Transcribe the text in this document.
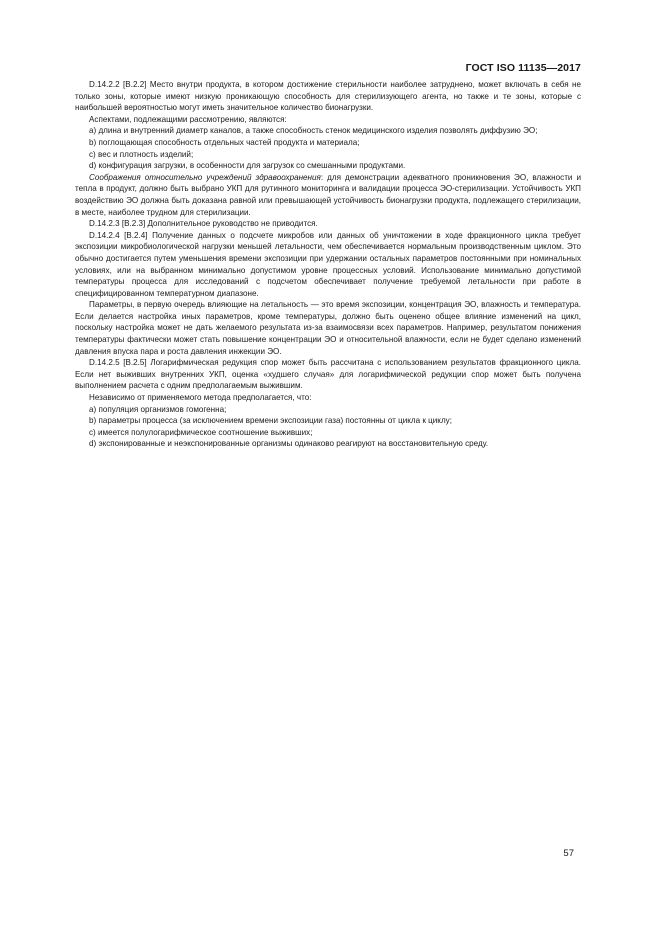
ГОСТ ISO 11135—2017

D.14.2.2 [B.2.2] Место внутри продукта, в котором достижение стерильности наиболее затруднено, может включать в себя не только зоны, которые имеют низкую проникающую способность для стерилизующего агента, но также и те зоны, которые с наибольшей вероятностью могут иметь значительное количество бионагрузки.

Аспектами, подлежащими рассмотрению, являются:

a) длина и внутренний диаметр каналов, а также способность стенок медицинского изделия позволять диффузию ЭО;

b) поглощающая способность отдельных частей продукта и материала;

c) вес и плотность изделий;

d) конфигурация загрузки, в особенности для загрузок со смешанными продуктами.

Соображения относительно учреждений здравоохранения: для демонстрации адекватного проникновения ЭО, влажности и тепла в продукт, должно быть выбрано УКП для рутинного мониторинга и валидации процесса ЭО-стерилизации. Устойчивость УКП воздействию ЭО должна быть доказана равной или превышающей устойчивость бионагрузки продукта, подлежащего стерилизации, в месте, наиболее трудном для стерилизации.

D.14.2.3 [B.2.3] Дополнительное руководство не приводится.

D.14.2.4 [B.2.4] Получение данных о подсчете микробов или данных об уничтожении в ходе фракционного цикла требует экспозиции микробиологической нагрузки меньшей летальности, чем обеспечивается нормальным производственным циклом. Это обычно достигается путем уменьшения времени экспозиции при удержании остальных параметров постоянными при номинальных условиях, или на выбранном минимально допустимом уровне процессных условий. Использование минимально допустимой температуры процесса для исследований с подсчетом обеспечивает получение требуемой летальности при работе в специфицированном температурном диапазоне.

Параметры, в первую очередь влияющие на летальность — это время экспозиции, концентрация ЭО, влажность и температура. Если делается настройка иных параметров, кроме температуры, должно быть оценено общее влияние изменений на цикл, поскольку настройка может не дать желаемого результата из-за взаимосвязи всех параметров. Например, результатом понижения температуры фактически может стать повышение концентрации ЭО и относительной влажности, если не будет сделано изменений давления впуска пара и роста давления инжекции ЭО.

D.14.2.5 [B.2.5] Логарифмическая редукция спор может быть рассчитана с использованием результатов фракционного цикла. Если нет выживших внутренних УКП, оценка «худшего случая» для логарифмической редукции спор может быть получена выполнением расчета с одним предполагаемым выжившим.

Независимо от применяемого метода предполагается, что:

a) популяция организмов гомогенна;

b) параметры процесса (за исключением времени экспозиции газа) постоянны от цикла к циклу;

c) имеется полулогарифмическое соотношение выживших;

d) экспонированные и неэкспонированные организмы одинаково реагируют на восстановительную среду.

57
